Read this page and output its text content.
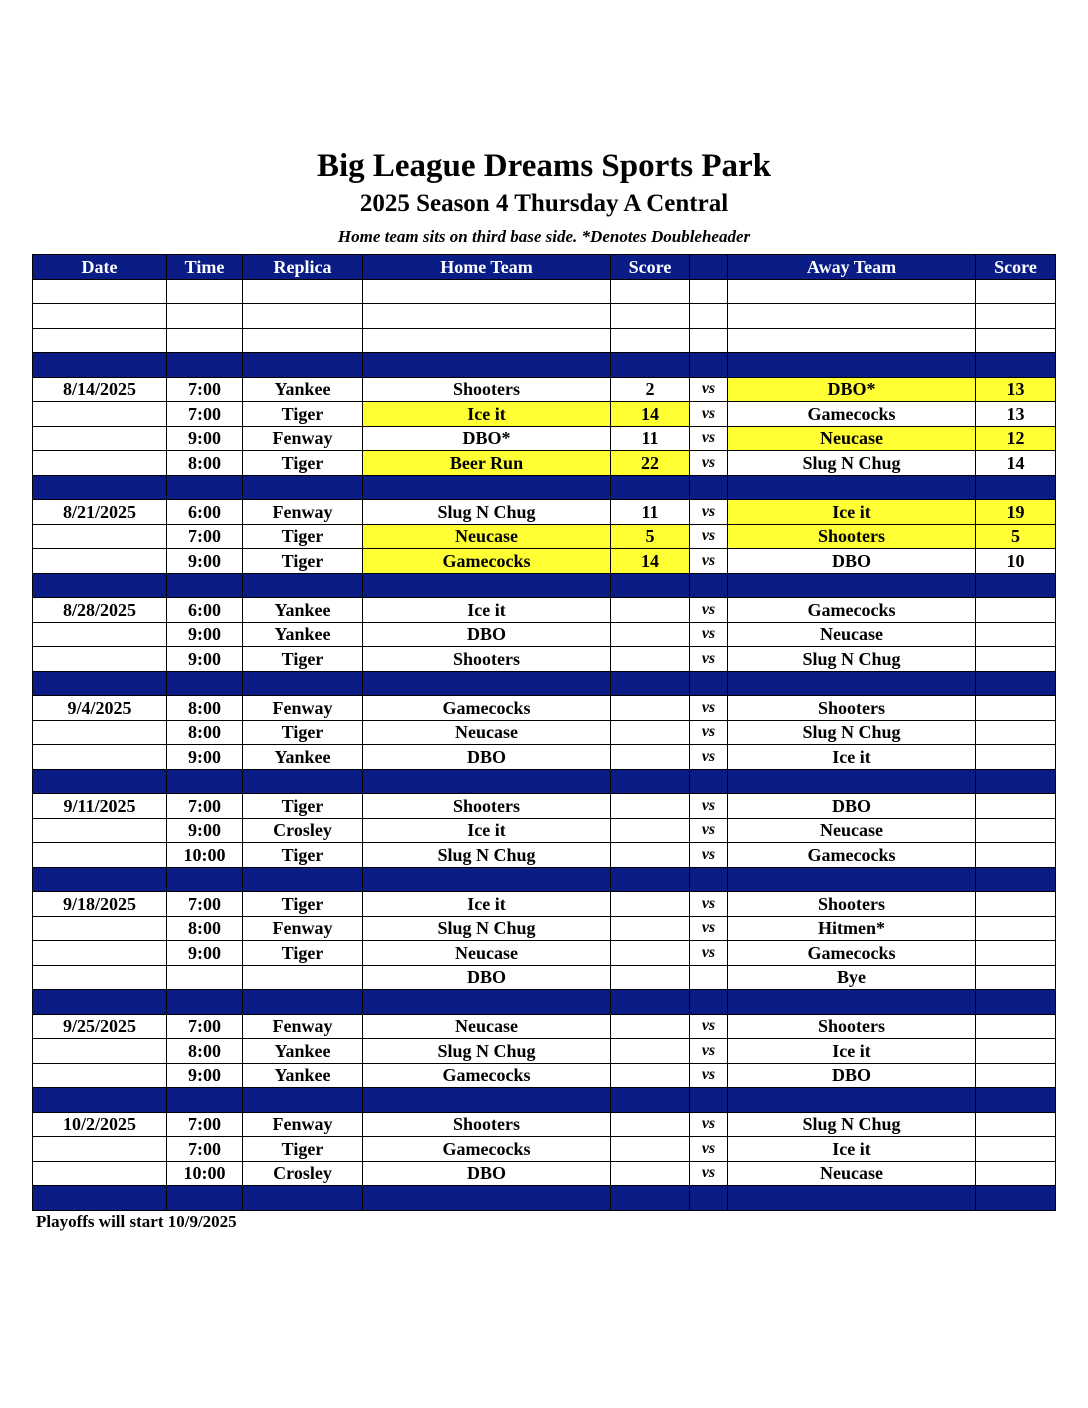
Big League Dreams Sports Park
2025 Season 4 Thursday A Central
Home team sits on third base side. *Denotes Doubleheader
Date	Time	Replica	Home Team	Score		Away Team	Score

8/14/2025	7:00	Yankee	Shooters	2	vs	DBO*	13
	7:00	Tiger	Ice it	14	vs	Gamecocks	13
	9:00	Fenway	DBO*	11	vs	Neucase	12
	8:00	Tiger	Beer Run	22	vs	Slug N Chug	14

8/21/2025	6:00	Fenway	Slug N Chug	11	vs	Ice it	19
	7:00	Tiger	Neucase	5	vs	Shooters	5
	9:00	Tiger	Gamecocks	14	vs	DBO	10

8/28/2025	6:00	Yankee	Ice it		vs	Gamecocks	
	9:00	Yankee	DBO		vs	Neucase	
	9:00	Tiger	Shooters		vs	Slug N Chug	

9/4/2025	8:00	Fenway	Gamecocks		vs	Shooters	
	8:00	Tiger	Neucase		vs	Slug N Chug	
	9:00	Yankee	DBO		vs	Ice it	

9/11/2025	7:00	Tiger	Shooters		vs	DBO	
	9:00	Crosley	Ice it		vs	Neucase	
	10:00	Tiger	Slug N Chug		vs	Gamecocks	

9/18/2025	7:00	Tiger	Ice it		vs	Shooters	
	8:00	Fenway	Slug N Chug		vs	Hitmen*	
	9:00	Tiger	Neucase		vs	Gamecocks	
			DBO			Bye	

9/25/2025	7:00	Fenway	Neucase		vs	Shooters	
	8:00	Yankee	Slug N Chug		vs	Ice it	
	9:00	Yankee	Gamecocks		vs	DBO	

10/2/2025	7:00	Fenway	Shooters		vs	Slug N Chug	
	7:00	Tiger	Gamecocks		vs	Ice it	
	10:00	Crosley	DBO		vs	Neucase	

Playoffs will start 10/9/2025
